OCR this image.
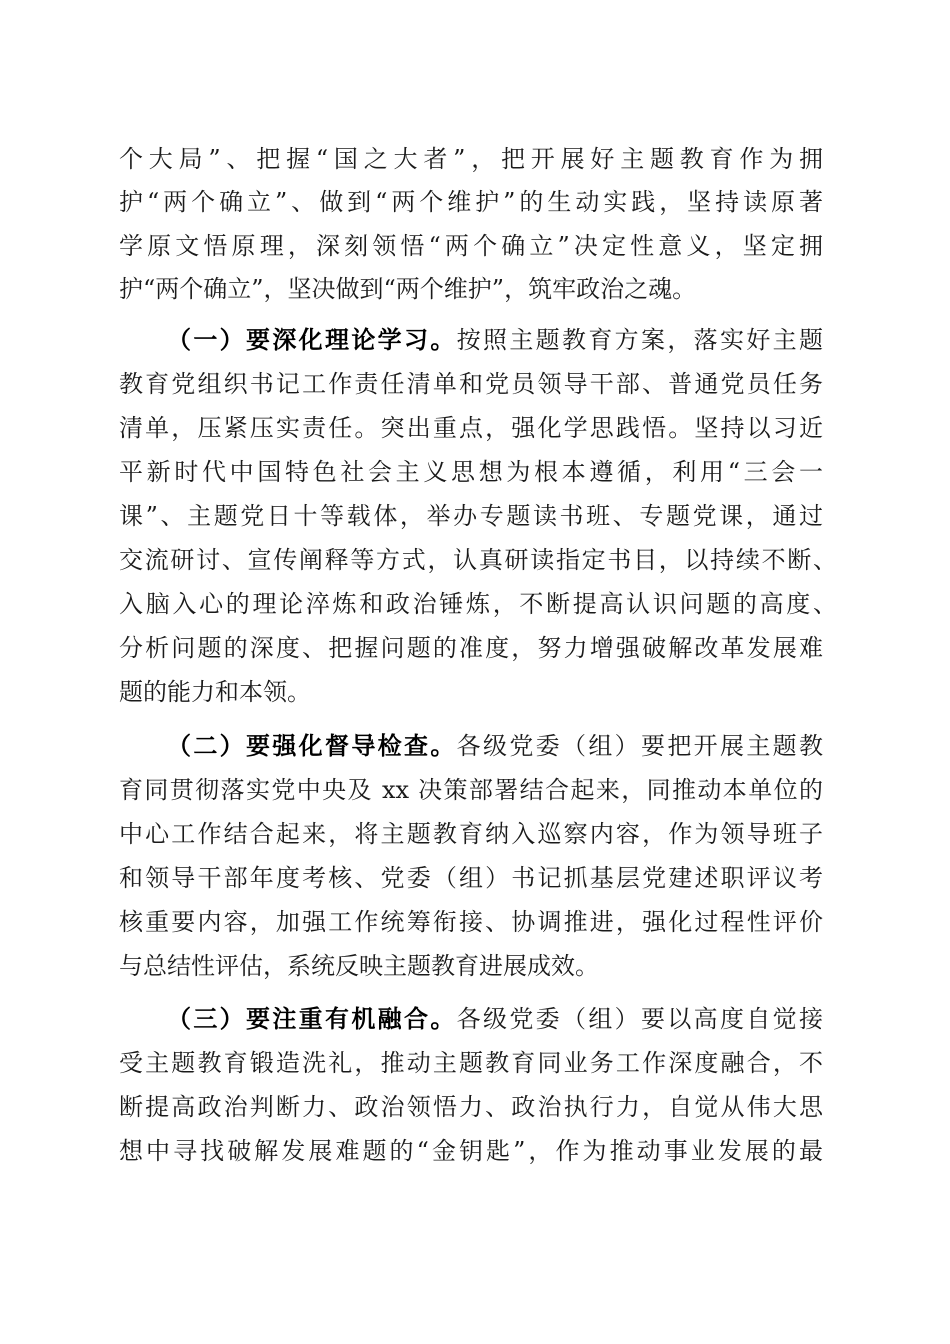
个大局”、把握“国之大者”，把开展好主题教育作为拥
护“两个确立”、做到“两个维护”的生动实践，坚持读原著
学原文悟原理，深刻领悟“两个确立”决定性意义，坚定拥
护“两个确立”，坚决做到“两个维护”，筑牢政治之魂。
（一）要深化理论学习。按照主题教育方案，落实好主题
教育党组织书记工作责任清单和党员领导干部、普通党员任务
清单，压紧压实责任。突出重点，强化学思践悟。坚持以习近
平新时代中国特色社会主义思想为根本遵循，利用“三会一
课”、主题党日十等载体，举办专题读书班、专题党课，通过
交流研讨、宣传阐释等方式，认真研读指定书目，以持续不断、
入脑入心的理论淬炼和政治锤炼，不断提高认识问题的高度、
分析问题的深度、把握问题的准度，努力增强破解改革发展难
题的能力和本领。
（二）要强化督导检查。各级党委（组）要把开展主题教
育同贯彻落实党中央及 xx 决策部署结合起来，同推动本单位的
中心工作结合起来，将主题教育纳入巡察内容，作为领导班子
和领导干部年度考核、党委（组）书记抓基层党建述职评议考
核重要内容，加强工作统筹衔接、协调推进，强化过程性评价
与总结性评估，系统反映主题教育进展成效。
（三）要注重有机融合。各级党委（组）要以高度自觉接
受主题教育锻造洗礼，推动主题教育同业务工作深度融合，不
断提高政治判断力、政治领悟力、政治执行力，自觉从伟大思
想中寻找破解发展难题的“金钥匙”，作为推动事业发展的最
